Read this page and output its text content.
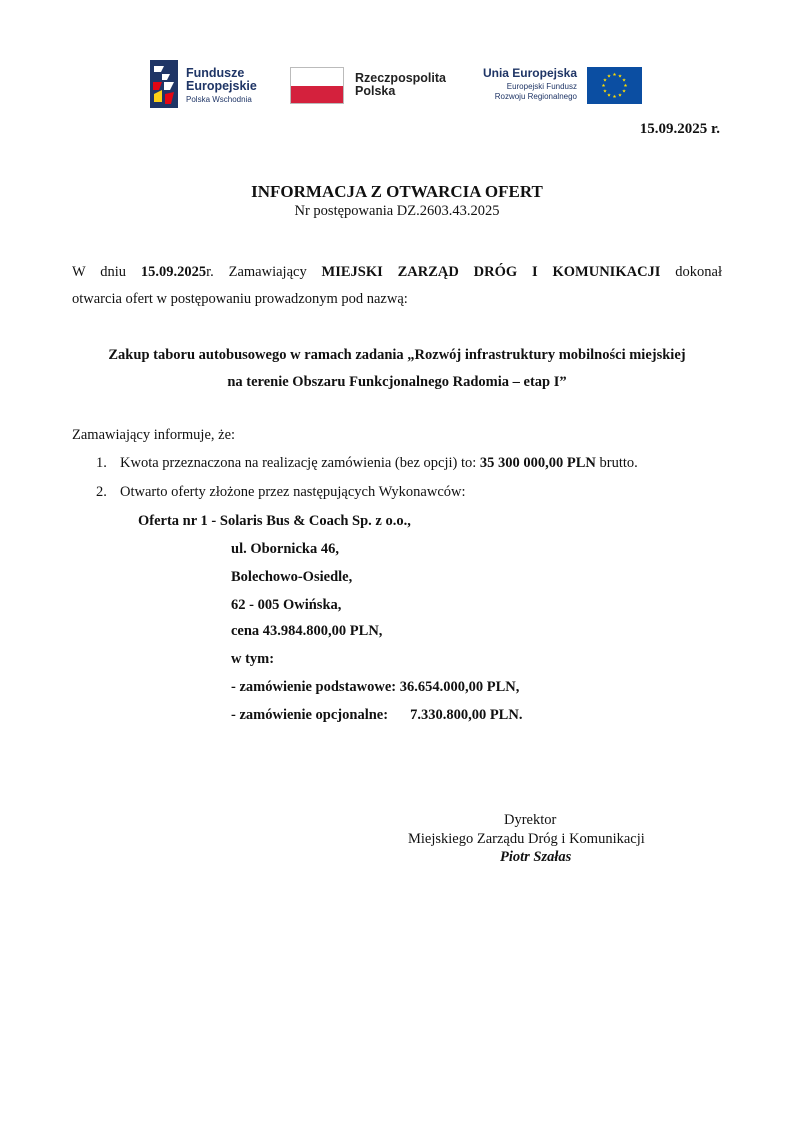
Fundusze
Europejskie
Polska Wschodnia
Rzeczpospolita
Polska
Unia Europejska
Europejski Fundusz
Rozwoju Regionalnego
15.09.2025 r.
INFORMACJA Z OTWARCIA OFERT
Nr postępowania DZ.2603.43.2025
W dniu 15.09.2025r. Zamawiający MIEJSKI ZARZĄD DRÓG I KOMUNIKACJI dokonał
otwarcia ofert w postępowaniu prowadzonym pod nazwą:
Zakup taboru autobusowego w ramach zadania „Rozwój infrastruktury mobilności miejskiej
na terenie Obszaru Funkcjonalnego Radomia – etap I”
Zamawiający informuje, że:
1. Kwota przeznaczona na realizację zamówienia (bez opcji) to: 35 300 000,00 PLN brutto.
2. Otwarto oferty złożone przez następujących Wykonawców:
Oferta nr 1 - Solaris Bus & Coach Sp. z o.o.,
ul. Obornicka 46,
Bolechowo-Osiedle,
62 - 005 Owińska,
cena 43.984.800,00 PLN,
w tym:
- zamówienie podstawowe: 36.654.000,00 PLN,
- zamówienie opcjonalne: 7.330.800,00 PLN.
Dyrektor
Miejskiego Zarządu Dróg i Komunikacji
Piotr Szałas
